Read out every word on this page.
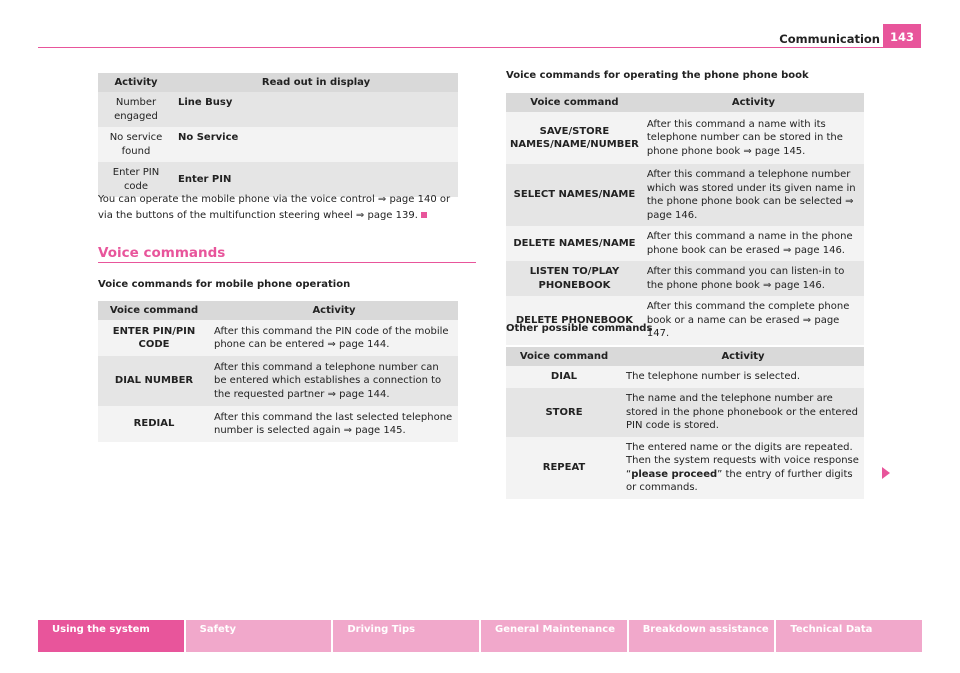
Communication 143
Activity	Read out in display
Number engaged	Line Busy
No service found	No Service
Enter PIN code	Enter PIN
You can operate the mobile phone via the voice control ⇒ page 140 or via the buttons of the multifunction steering wheel ⇒ page 139.
Voice commands
Voice commands for mobile phone operation
Voice command	Activity
ENTER PIN/PIN CODE	After this command the PIN code of the mobile phone can be entered ⇒ page 144.
DIAL NUMBER	After this command a telephone number can be entered which establishes a connection to the requested partner ⇒ page 144.
REDIAL	After this command the last selected telephone number is selected again ⇒ page 145.
Voice commands for operating the phone phone book
Voice command	Activity
SAVE/STORE NAMES/NAME/NUMBER	After this command a name with its telephone number can be stored in the phone phone book ⇒ page 145.
SELECT NAMES/NAME	After this command a telephone number which was stored under its given name in the phone phone book can be selected ⇒ page 146.
DELETE NAMES/NAME	After this command a name in the phone phone book can be erased ⇒ page 146.
LISTEN TO/PLAY PHONEBOOK	After this command you can listen-in to the phone phone book ⇒ page 146.
DELETE PHONEBOOK	After this command the complete phone book or a name can be erased ⇒ page 147.
Other possible commands
Voice command	Activity
DIAL	The telephone number is selected.
STORE	The name and the telephone number are stored in the phone phonebook or the entered PIN code is stored.
REPEAT	The entered name or the digits are repeated. Then the system requests with voice response “please proceed” the entry of further digits or commands.
Using the system	Safety	Driving Tips	General Maintenance	Breakdown assistance	Technical Data
